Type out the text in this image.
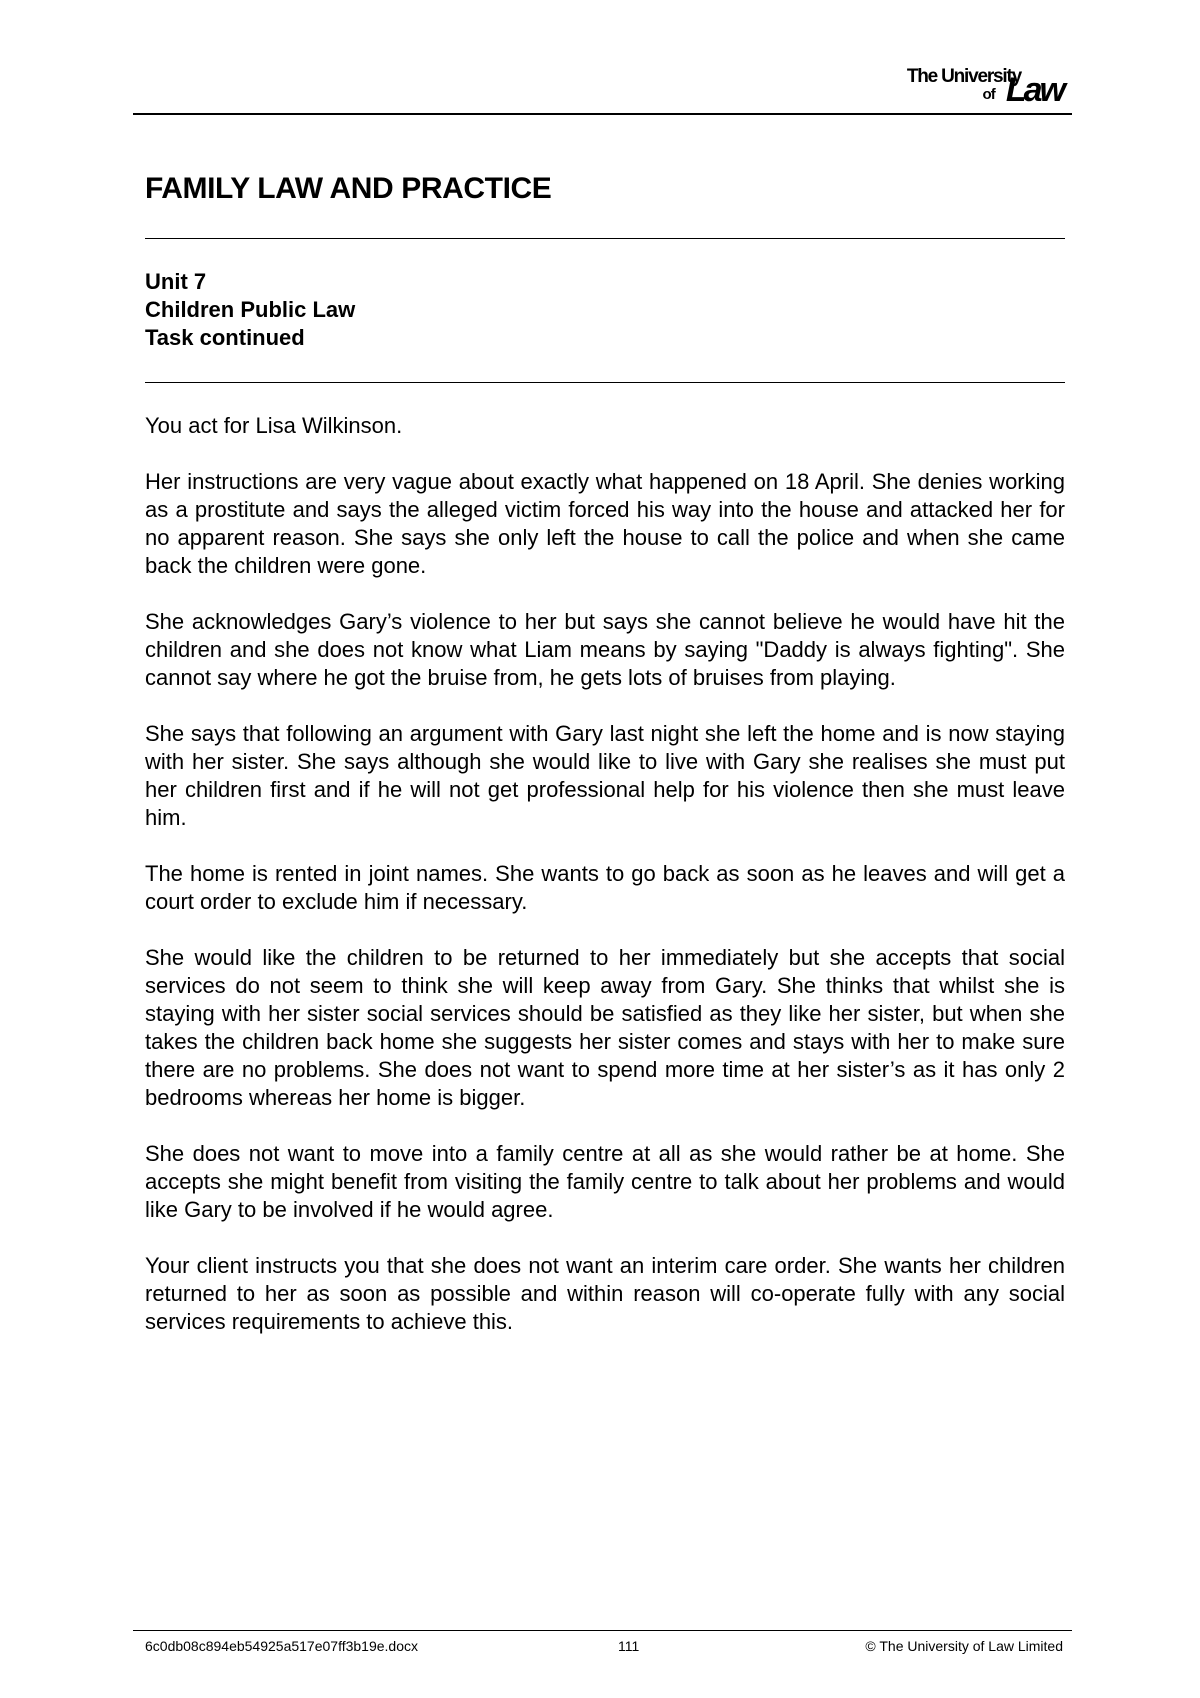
The University
of Law
FAMILY LAW AND PRACTICE
Unit 7
Children Public Law
Task continued

You act for Lisa Wilkinson.

Her instructions are very vague about exactly what happened on 18 April. She denies working as a prostitute and says the alleged victim forced his way into the house and attacked her for no apparent reason. She says she only left the house to call the police and when she came back the children were gone.

She acknowledges Gary’s violence to her but says she cannot believe he would have hit the children and she does not know what Liam means by saying "Daddy is always fighting". She cannot say where he got the bruise from, he gets lots of bruises from playing.

She says that following an argument with Gary last night she left the home and is now staying with her sister. She says although she would like to live with Gary she realises she must put her children first and if he will not get professional help for his violence then she must leave him.

The home is rented in joint names. She wants to go back as soon as he leaves and will get a court order to exclude him if necessary.

She would like the children to be returned to her immediately but she accepts that social services do not seem to think she will keep away from Gary. She thinks that whilst she is staying with her sister social services should be satisfied as they like her sister, but when she takes the children back home she suggests her sister comes and stays with her to make sure there are no problems. She does not want to spend more time at her sister’s as it has only 2 bedrooms whereas her home is bigger.

She does not want to move into a family centre at all as she would rather be at home. She accepts she might benefit from visiting the family centre to talk about her problems and would like Gary to be involved if he would agree.

Your client instructs you that she does not want an interim care order. She wants her children returned to her as soon as possible and within reason will co-operate fully with any social services requirements to achieve this.

6c0db08c894eb54925a517e07ff3b19e.docx	111	© The University of Law Limited
